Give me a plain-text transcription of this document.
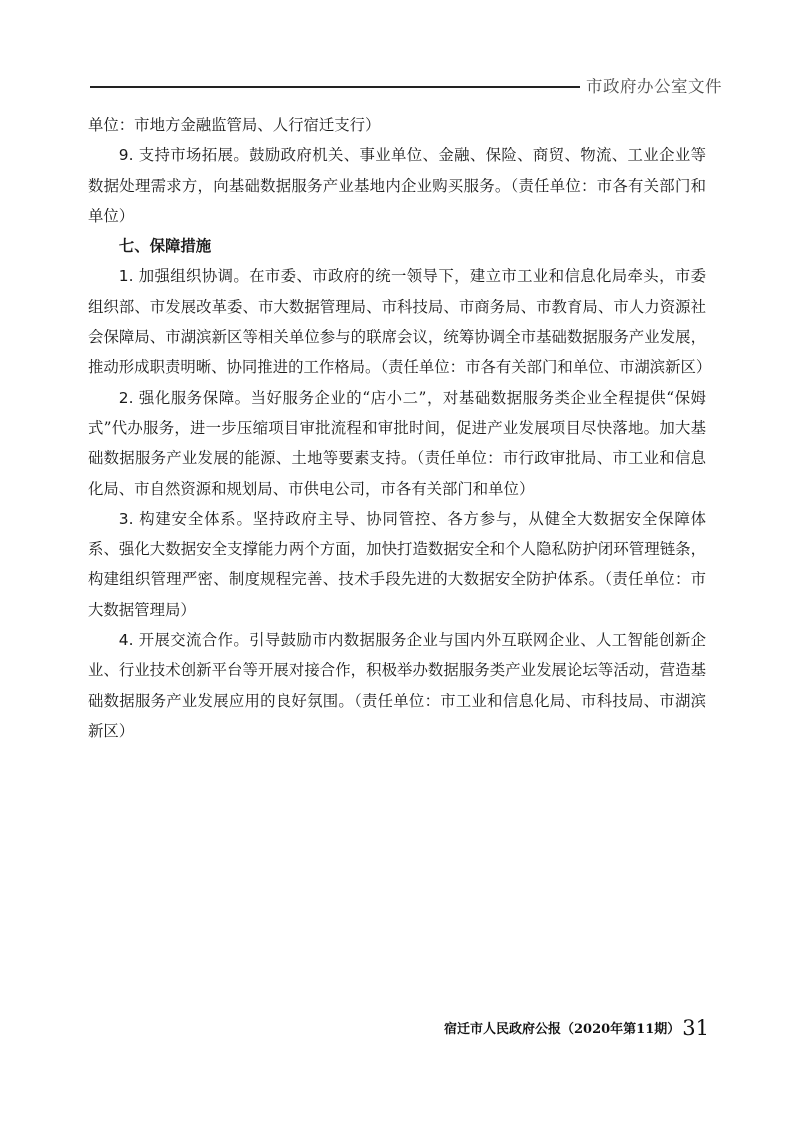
市政府办公室文件

单位：市地方金融监管局、人行宿迁支行）

9. 支持市场拓展。鼓励政府机关、事业单位、金融、保险、商贸、物流、工业企业等数据处理需求方，向基础数据服务产业基地内企业购买服务。（责任单位：市各有关部门和单位）

七、保障措施

1. 加强组织协调。在市委、市政府的统一领导下，建立市工业和信息化局牵头，市委组织部、市发展改革委、市大数据管理局、市科技局、市商务局、市教育局、市人力资源社会保障局、市湖滨新区等相关单位参与的联席会议，统筹协调全市基础数据服务产业发展，推动形成职责明晰、协同推进的工作格局。（责任单位：市各有关部门和单位、市湖滨新区）

2. 强化服务保障。当好服务企业的“店小二”，对基础数据服务类企业全程提供“保姆式”代办服务，进一步压缩项目审批流程和审批时间，促进产业发展项目尽快落地。加大基础数据服务产业发展的能源、土地等要素支持。（责任单位：市行政审批局、市工业和信息化局、市自然资源和规划局、市供电公司，市各有关部门和单位）

3. 构建安全体系。坚持政府主导、协同管控、各方参与，从健全大数据安全保障体系、强化大数据安全支撑能力两个方面，加快打造数据安全和个人隐私防护闭环管理链条，构建组织管理严密、制度规程完善、技术手段先进的大数据安全防护体系。（责任单位：市大数据管理局）

4. 开展交流合作。引导鼓励市内数据服务企业与国内外互联网企业、人工智能创新企业、行业技术创新平台等开展对接合作，积极举办数据服务类产业发展论坛等活动，营造基础数据服务产业发展应用的良好氛围。（责任单位：市工业和信息化局、市科技局、市湖滨新区）

宿迁市人民政府公报（2020年第11期）31
